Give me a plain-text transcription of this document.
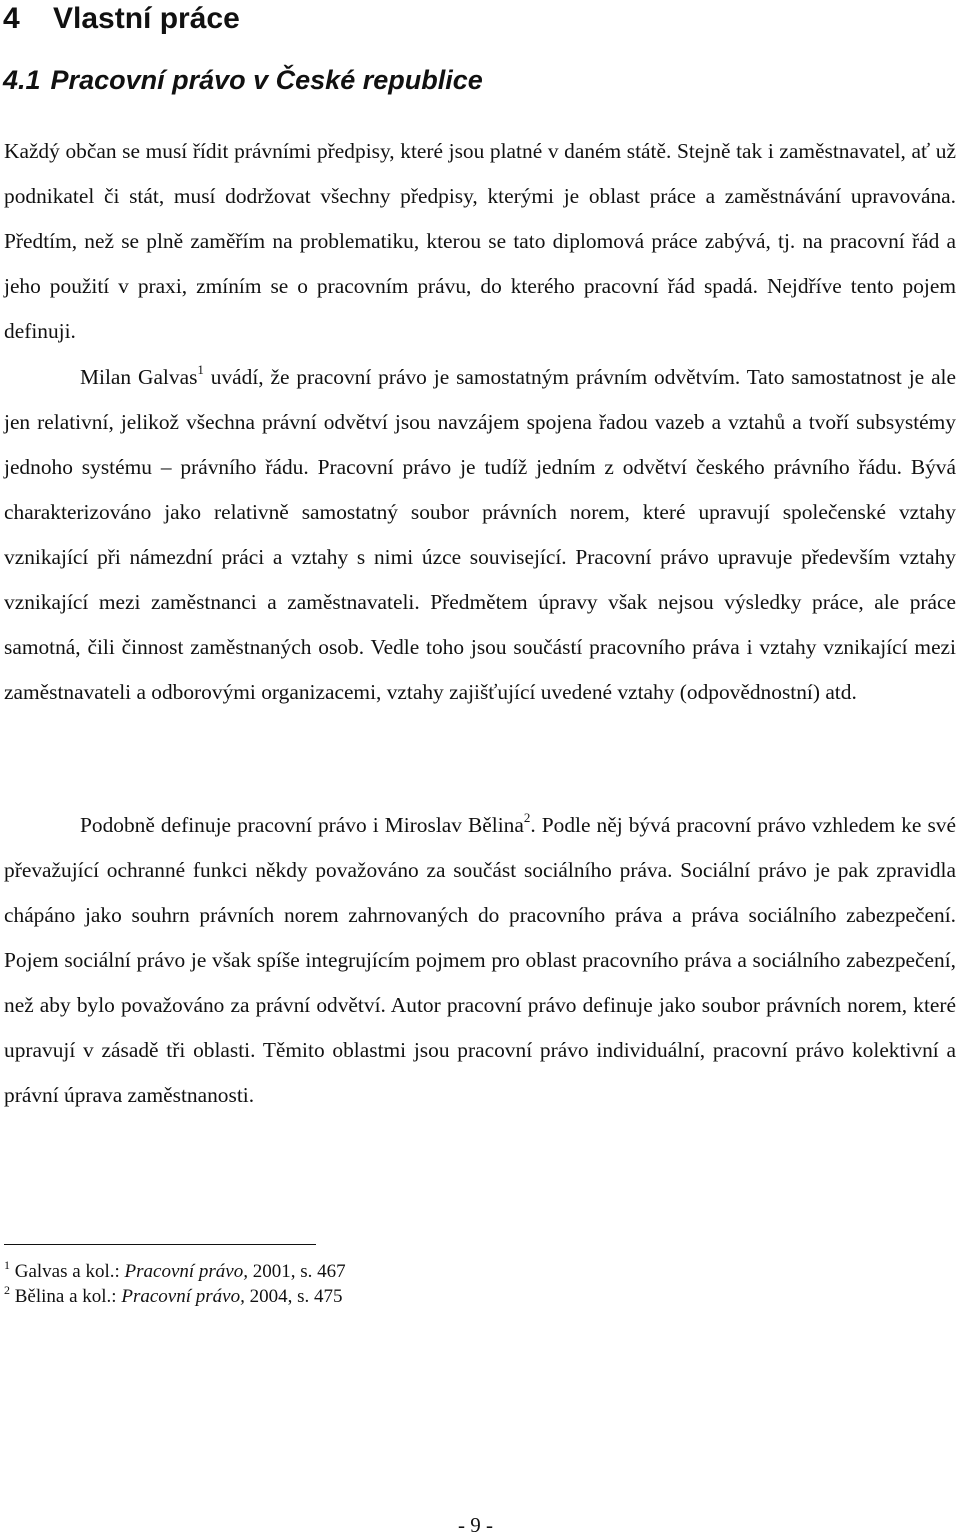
4 Vlastní práce
4.1 Pracovní právo v České republice

Každý občan se musí řídit právními předpisy, které jsou platné v daném státě. Stejně tak i zaměstnavatel, ať už podnikatel či stát, musí dodržovat všechny předpisy, kterými je oblast práce a zaměstnávání upravována. Předtím, než se plně zaměřím na problematiku, kterou se tato diplomová práce zabývá, tj. na pracovní řád a jeho použití v praxi, zmíním se o pracovním právu, do kterého pracovní řád spadá. Nejdříve tento pojem definuji.

Milan Galvas$^1$ uvádí, že pracovní právo je samostatným právním odvětvím. Tato samostatnost je ale jen relativní, jelikož všechna právní odvětví jsou navzájem spojena řadou vazeb a vztahů a tvoří subsystémy jednoho systému – právního řádu. Pracovní právo je tudíž jedním z odvětví českého právního řádu. Bývá charakterizováno jako relativně samostatný soubor právních norem, které upravují společenské vztahy vznikající při námezdní práci a vztahy s nimi úzce související. Pracovní právo upravuje především vztahy vznikající mezi zaměstnanci a zaměstnavateli. Předmětem úpravy však nejsou výsledky práce, ale práce samotná, čili činnost zaměstnaných osob. Vedle toho jsou součástí pracovního práva i vztahy vznikající mezi zaměstnavateli a odborovými organizacemi, vztahy zajišťující uvedené vztahy (odpovědnostní) atd.

Podobně definuje pracovní právo i Miroslav Bělina$^2$. Podle něj bývá pracovní právo vzhledem ke své převažující ochranné funkci někdy považováno za součást sociálního práva. Sociální právo je pak zpravidla chápáno jako souhrn právních norem zahrnovaných do pracovního práva a práva sociálního zabezpečení. Pojem sociální právo je však spíše integrujícím pojmem pro oblast pracovního práva a sociálního zabezpečení, než aby bylo považováno za právní odvětví. Autor pracovní právo definuje jako soubor právních norem, které upravují v zásadě tři oblasti. Těmito oblastmi jsou pracovní právo individuální, pracovní právo kolektivní a právní úprava zaměstnanosti.

$^1$ Galvas a kol.: Pracovní právo, 2001, s. 467
$^2$ Bělina a kol.: Pracovní právo, 2004, s. 475
- 9 -
